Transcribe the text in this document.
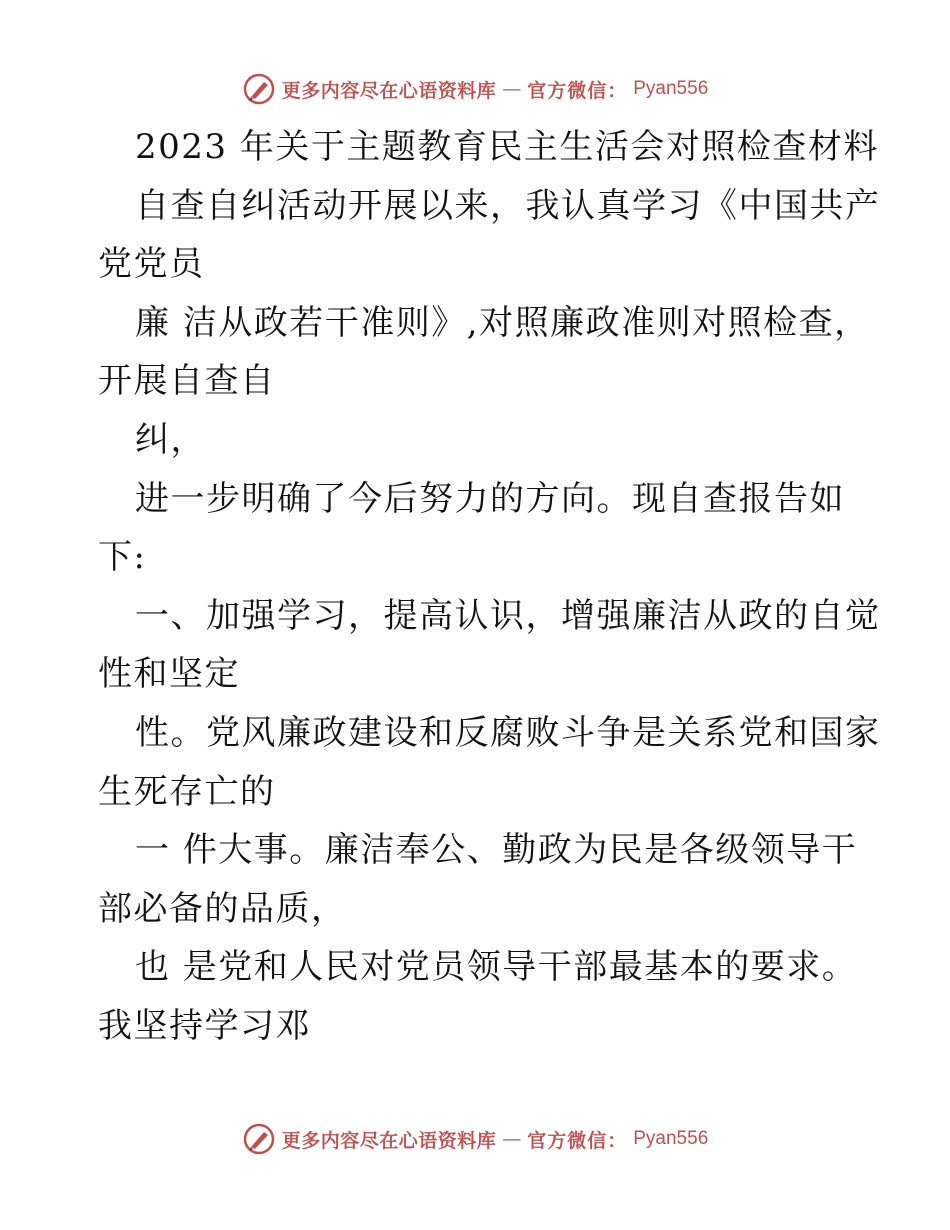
更多内容尽在心语资料库 — 官方微信： Pyan556
2023 年关于主题教育民主生活会对照检查材料
自查自纠活动开展以来，我认真学习《中国共产
党党员
廉 洁从政若干准则》,对照廉政准则对照检查，
开展自查自
纠，
进一步明确了今后努力的方向。现自查报告如
下:
一、加强学习，提高认识，增强廉洁从政的自觉
性和坚定
性。党风廉政建设和反腐败斗争是关系党和国家
生死存亡的
一 件大事。廉洁奉公、勤政为民是各级领导干
部必备的品质，
也 是党和人民对党员领导干部最基本的要求。
我坚持学习邓
更多内容尽在心语资料库 — 官方微信： Pyan556
